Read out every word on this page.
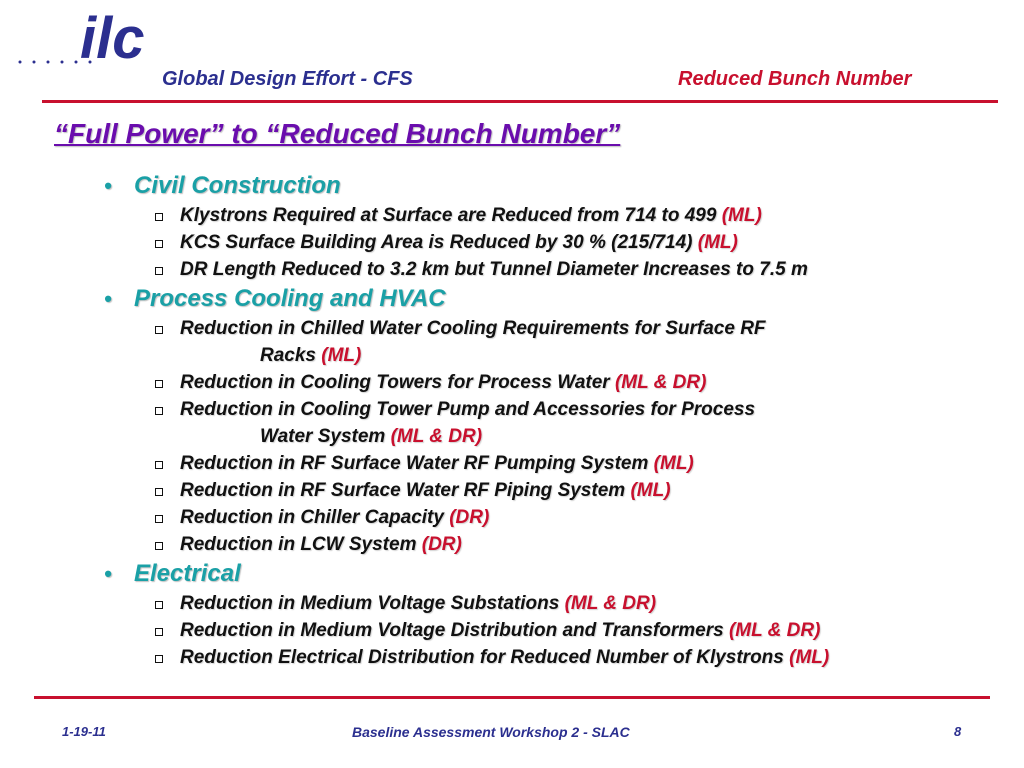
ilc
Global Design Effort - CFS	Reduced Bunch Number
“Full Power” to “Reduced Bunch Number”
• Civil Construction
Klystrons Required at Surface are Reduced from 714 to 499 (ML)
KCS Surface Building Area is Reduced by 30 % (215/714) (ML)
DR Length Reduced to 3.2 km but Tunnel Diameter Increases to 7.5 m
• Process Cooling and HVAC
Reduction in Chilled Water Cooling Requirements for Surface RF
Racks (ML)
Reduction in Cooling Towers for Process Water (ML & DR)
Reduction in Cooling Tower Pump and Accessories for Process
Water System (ML & DR)
Reduction in RF Surface Water RF Pumping System (ML)
Reduction in RF Surface Water RF Piping System (ML)
Reduction in Chiller Capacity (DR)
Reduction in LCW System (DR)
• Electrical
Reduction in Medium Voltage Substations (ML & DR)
Reduction in Medium Voltage Distribution and Transformers (ML & DR)
Reduction Electrical Distribution for Reduced Number of Klystrons (ML)
1-19-11	Baseline Assessment Workshop 2 - SLAC	8
